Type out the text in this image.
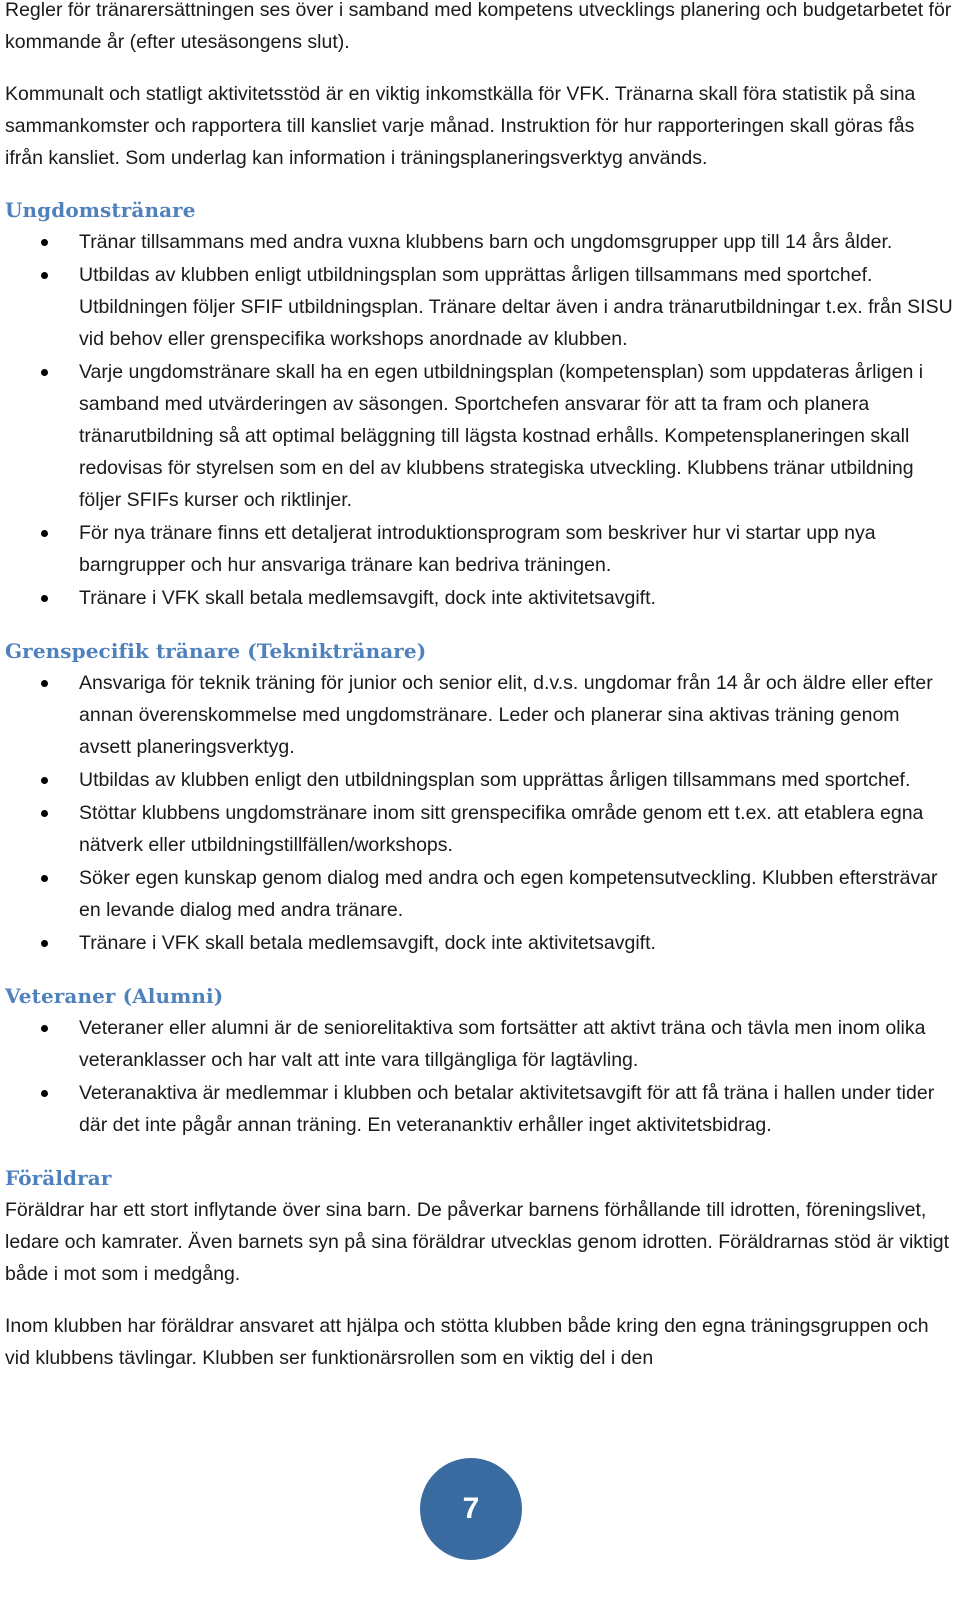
Regler för tränarersättningen ses över i samband med kompetens utvecklings planering och budgetarbetet för kommande år (efter utesäsongens slut).

Kommunalt och statligt aktivitetsstöd är en viktig inkomstkälla för VFK. Tränarna skall föra statistik på sina sammankomster och rapportera till kansliet varje månad. Instruktion för hur rapporteringen skall göras fås ifrån kansliet. Som underlag kan information i träningsplaneringsverktyg används.

Ungdomstränare
Tränar tillsammans med andra vuxna klubbens barn och ungdomsgrupper upp till 14 års ålder.
Utbildas av klubben enligt utbildningsplan som upprättas årligen tillsammans med sportchef. Utbildningen följer SFIF utbildningsplan. Tränare deltar även i andra tränarutbildningar t.ex. från SISU vid behov eller grenspecifika workshops anordnade av klubben.
Varje ungdomstränare skall ha en egen utbildningsplan (kompetensplan) som uppdateras årligen i samband med utvärderingen av säsongen. Sportchefen ansvarar för att ta fram och planera tränarutbildning så att optimal beläggning till lägsta kostnad erhålls. Kompetensplaneringen skall redovisas för styrelsen som en del av klubbens strategiska utveckling. Klubbens tränar utbildning följer SFIFs kurser och riktlinjer.
För nya tränare finns ett detaljerat introduktionsprogram som beskriver hur vi startar upp nya barngrupper och hur ansvariga tränare kan bedriva träningen.
Tränare i VFK skall betala medlemsavgift, dock inte aktivitetsavgift.
Grenspecifik tränare (Tekniktränare)
Ansvariga för teknik träning för junior och senior elit, d.v.s. ungdomar från 14 år och äldre eller efter annan överenskommelse med ungdomstränare. Leder och planerar sina aktivas träning genom avsett planeringsverktyg.
Utbildas av klubben enligt den utbildningsplan som upprättas årligen tillsammans med sportchef.
Stöttar klubbens ungdomstränare inom sitt grenspecifika område genom ett t.ex. att etablera egna nätverk eller utbildningstillfällen/workshops.
Söker egen kunskap genom dialog med andra och egen kompetensutveckling. Klubben eftersträvar en levande dialog med andra tränare.
Tränare i VFK skall betala medlemsavgift, dock inte aktivitetsavgift.
Veteraner (Alumni)
Veteraner eller alumni är de seniorelitaktiva som fortsätter att aktivt träna och tävla men inom olika veteranklasser och har valt att inte vara tillgängliga för lagtävling.
Veteranaktiva är medlemmar i klubben och betalar aktivitetsavgift för att få träna i hallen under tider där det inte pågår annan träning. En veterananktiv erhåller inget aktivitetsbidrag.
Föräldrar

Föräldrar har ett stort inflytande över sina barn. De påverkar barnens förhållande till idrotten, föreningslivet, ledare och kamrater. Även barnets syn på sina föräldrar utvecklas genom idrotten. Föräldrarnas stöd är viktigt både i mot som i medgång.

Inom klubben har föräldrar ansvaret att hjälpa och stötta klubben både kring den egna träningsgruppen och vid klubbens tävlingar. Klubben ser funktionärsrollen som en viktig del i den

7
